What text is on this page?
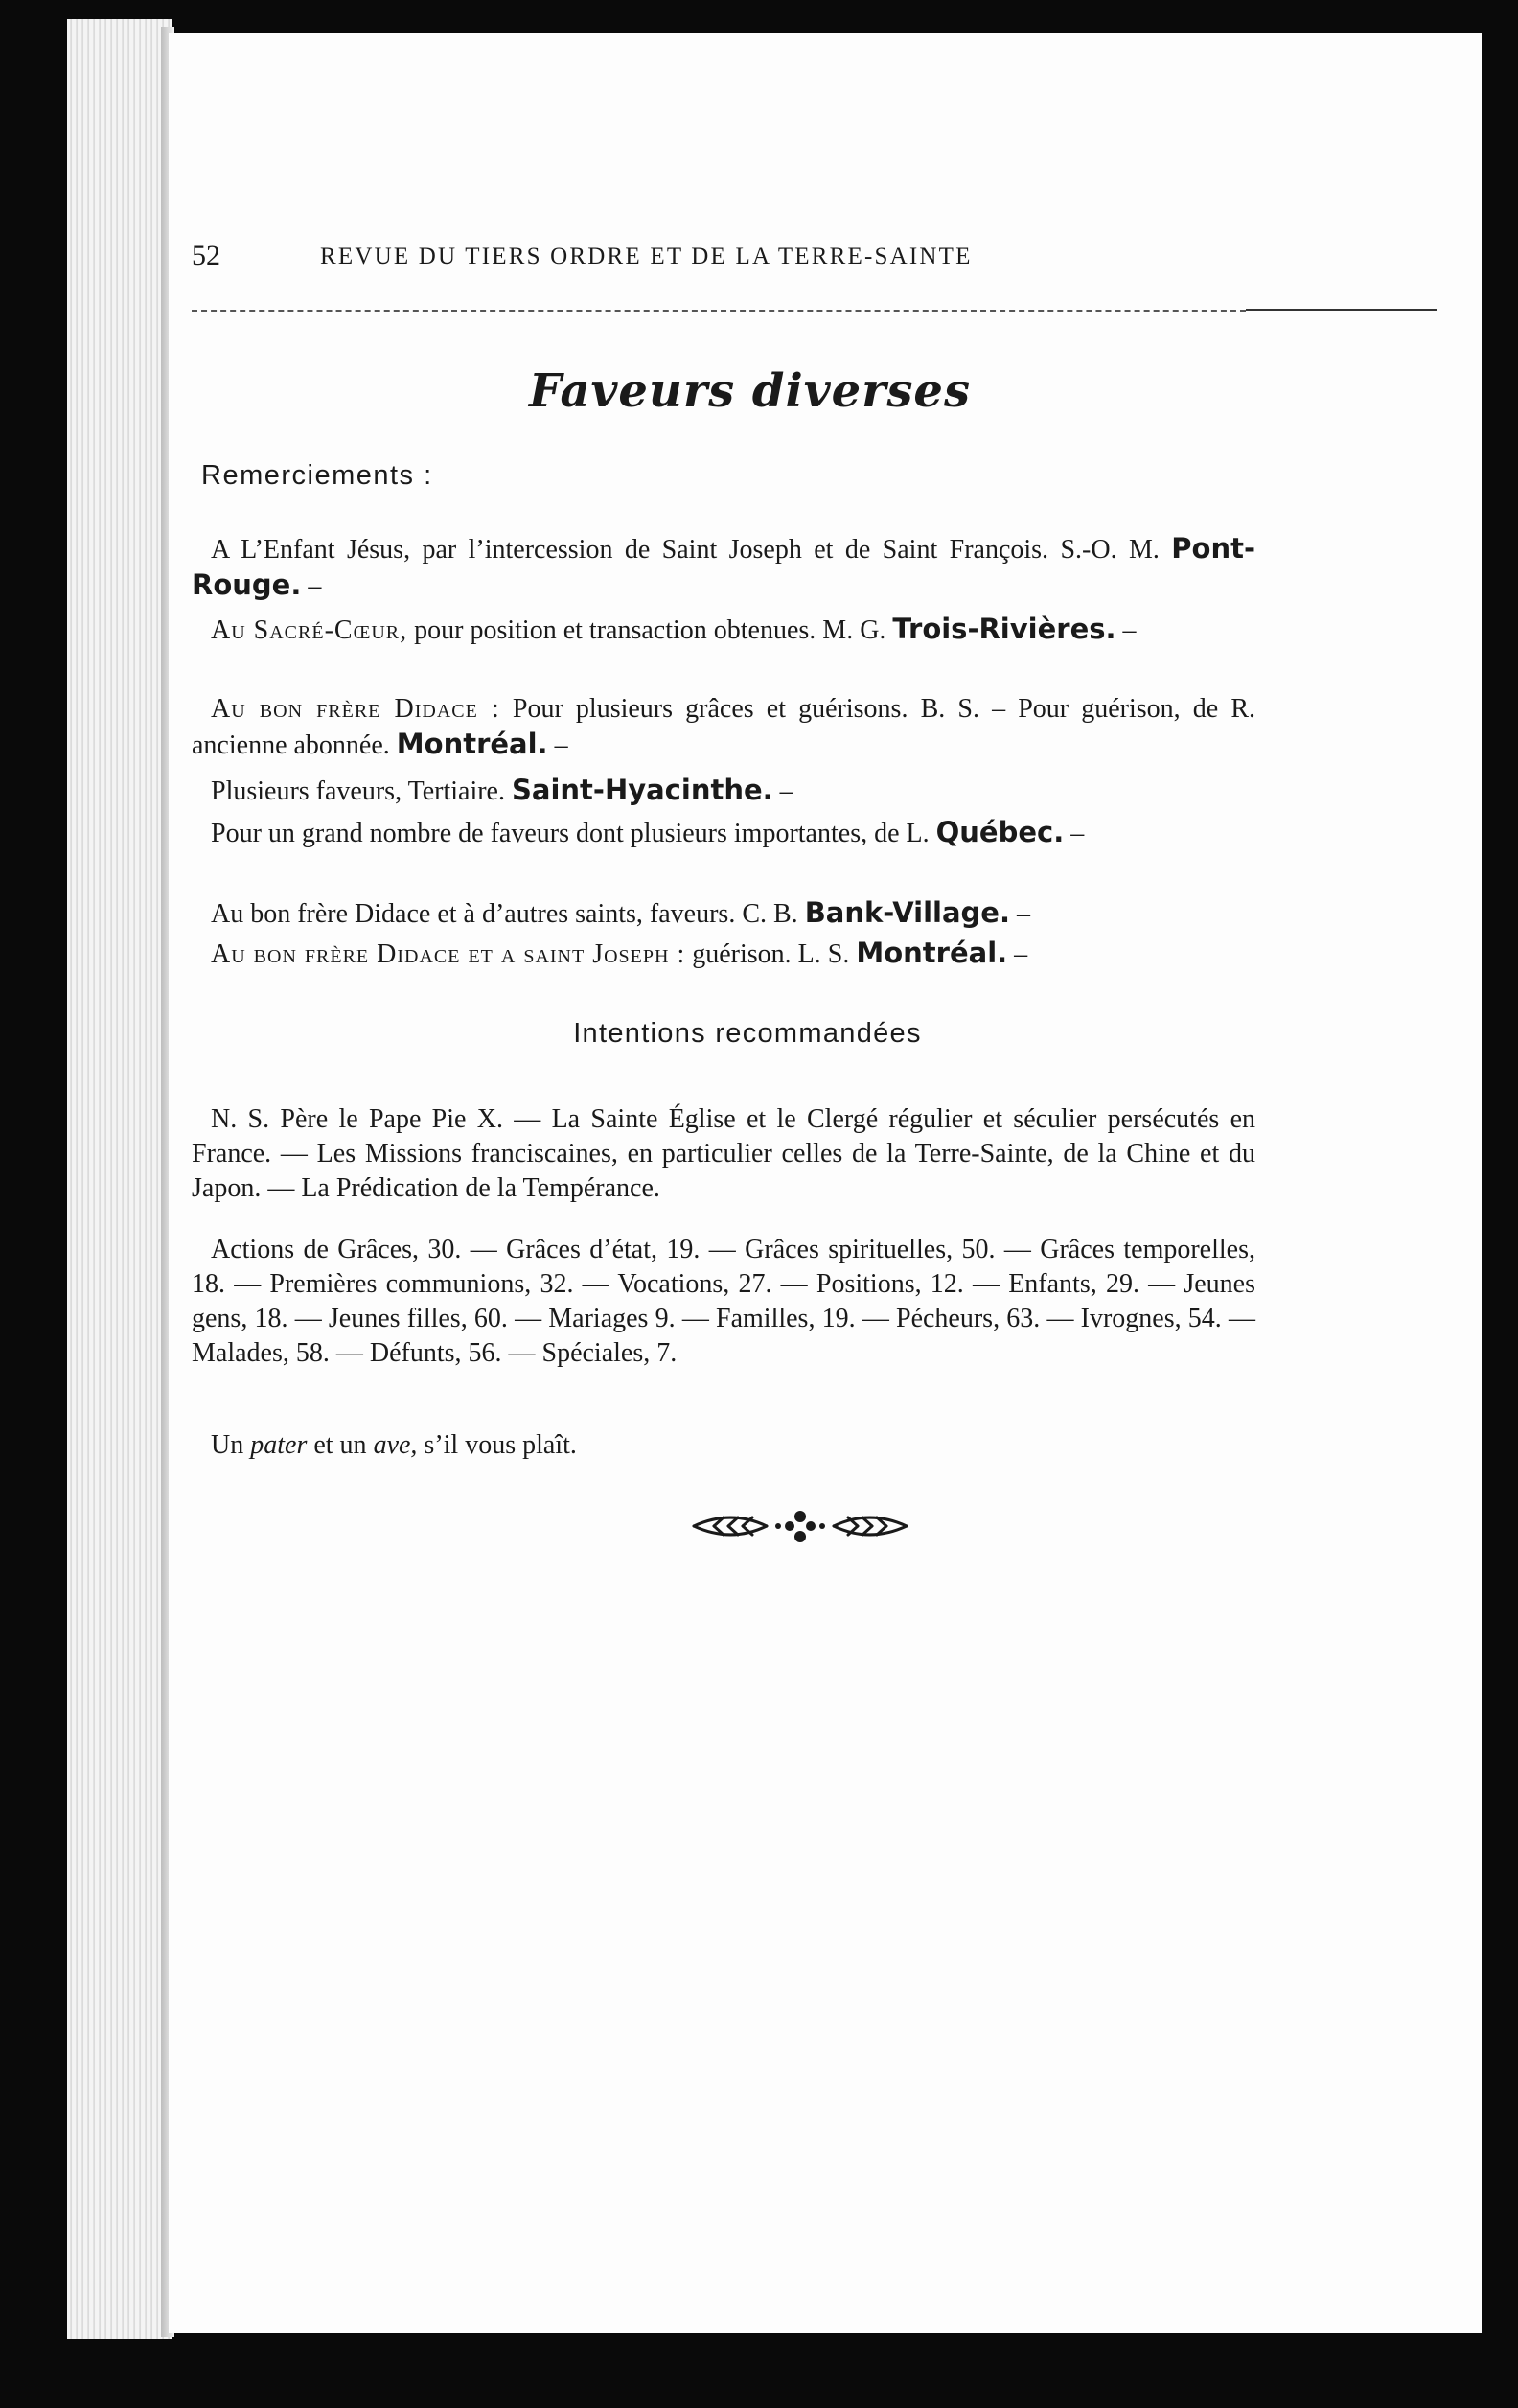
52	REVUE DU TIERS ORDRE ET DE LA TERRE-SAINTE
Faveurs diverses
Remerciements :
A L’Enfant Jésus, par l’intercession de Saint Joseph et de Saint François. S.-O. M. Pont-Rouge. –
Au Sacré-Cœur, pour position et transaction obtenues. M. G. Trois-Rivières. –
Au bon frère Didace : Pour plusieurs grâces et guérisons. B. S. – Pour guérison, de R. ancienne abonnée. Montréal. –
Plusieurs faveurs, Tertiaire. Saint-Hyacinthe. –
Pour un grand nombre de faveurs dont plusieurs importantes, de L. Québec. –
Au bon frère Didace et à d’autres saints, faveurs. C. B. Bank-Village. –
Au bon frère Didace et a saint Joseph : guérison. L. S. Montréal. –
Intentions recommandées
N. S. Père le Pape Pie X. — La Sainte Église et le Clergé régulier et séculier persécutés en France. — Les Missions franciscaines, en particulier celles de la Terre-Sainte, de la Chine et du Japon. — La Prédication de la Tempérance.
Actions de Grâces, 30. — Grâces d’état, 19. — Grâces spirituelles, 50. — Grâces temporelles, 18. — Premières communions, 32. — Vocations, 27. — Positions, 12. — Enfants, 29. — Jeunes gens, 18. — Jeunes filles, 60. — Mariages 9. — Familles, 19. — Pécheurs, 63. — Ivrognes, 54. — Malades, 58. — Défunts, 56. — Spéciales, 7.
Un pater et un ave, s’il vous plaît.
